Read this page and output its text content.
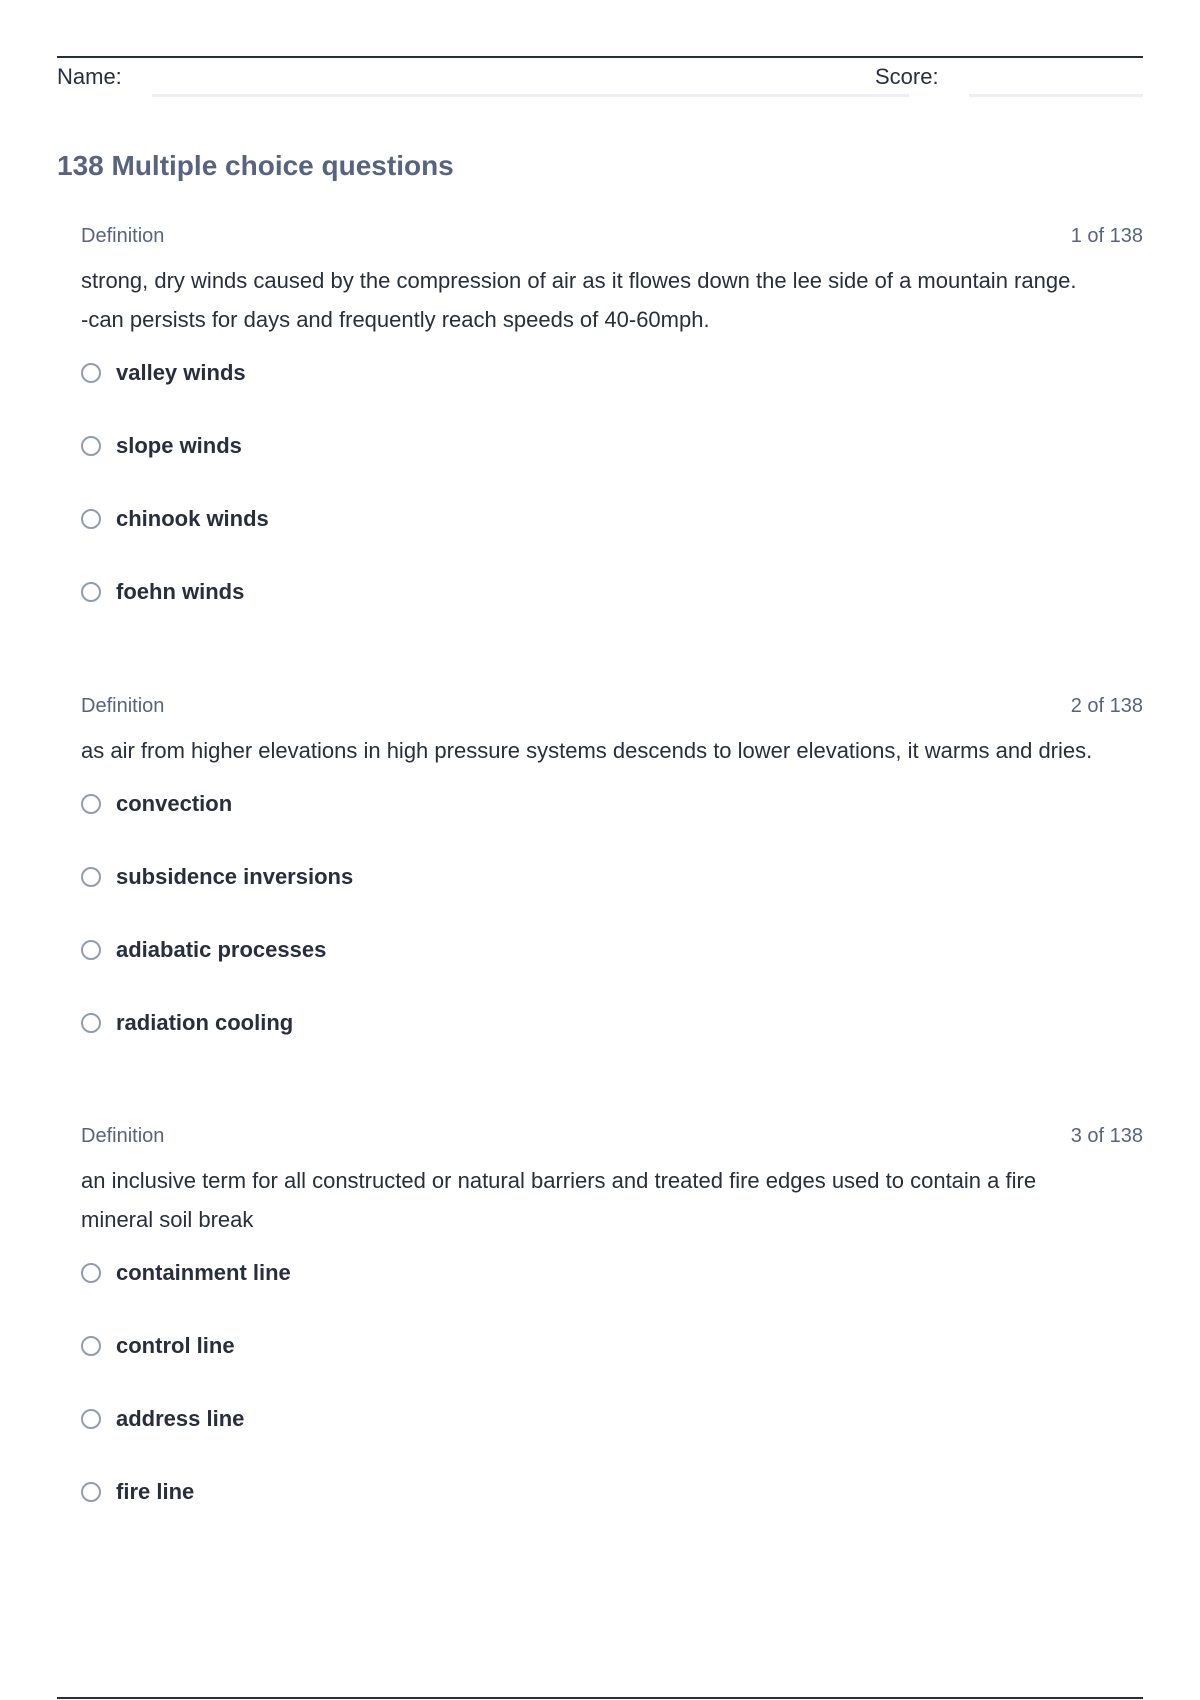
Name:	Score:
138 Multiple choice questions
Definition	1 of 138
strong, dry winds caused by the compression of air as it flowes down the lee side of a mountain range.
-can persists for days and frequently reach speeds of 40-60mph.
valley winds
slope winds
chinook winds
foehn winds
Definition	2 of 138
as air from higher elevations in high pressure systems descends to lower elevations, it warms and dries.
convection
subsidence inversions
adiabatic processes
radiation cooling
Definition	3 of 138
an inclusive term for all constructed or natural barriers and treated fire edges used to contain a fire
mineral soil break
containment line
control line
address line
fire line
